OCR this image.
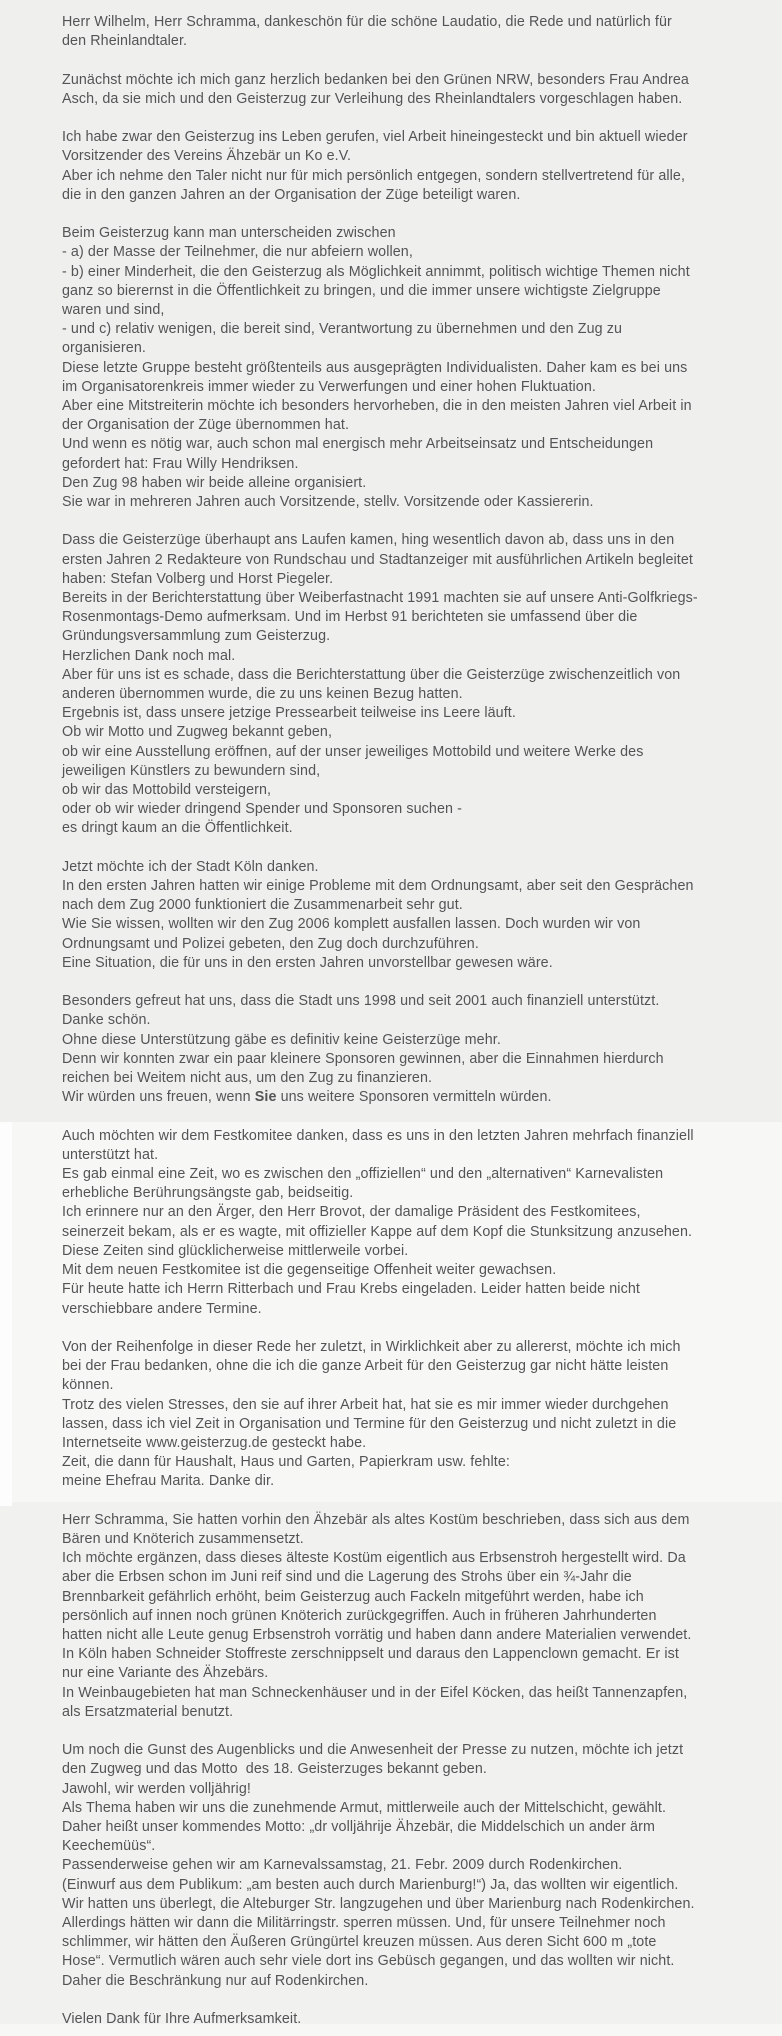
Herr Wilhelm, Herr Schramma, dankeschön für die schöne Laudatio, die Rede und natürlich für
den Rheinlandtaler.

Zunächst möchte ich mich ganz herzlich bedanken bei den Grünen NRW, besonders Frau Andrea
Asch, da sie mich und den Geisterzug zur Verleihung des Rheinlandtalers vorgeschlagen haben.

Ich habe zwar den Geisterzug ins Leben gerufen, viel Arbeit hineingesteckt und bin aktuell wieder
Vorsitzender des Vereins Ähzebär un Ko e.V.
Aber ich nehme den Taler nicht nur für mich persönlich entgegen, sondern stellvertretend für alle,
die in den ganzen Jahren an der Organisation der Züge beteiligt waren.

Beim Geisterzug kann man unterscheiden zwischen
- a) der Masse der Teilnehmer, die nur abfeiern wollen,
- b) einer Minderheit, die den Geisterzug als Möglichkeit annimmt, politisch wichtige Themen nicht
ganz so bierernst in die Öffentlichkeit zu bringen, und die immer unsere wichtigste Zielgruppe
waren und sind,
- und c) relativ wenigen, die bereit sind, Verantwortung zu übernehmen und den Zug zu
organisieren.
Diese letzte Gruppe besteht größtenteils aus ausgeprägten Individualisten. Daher kam es bei uns
im Organisatorenkreis immer wieder zu Verwerfungen und einer hohen Fluktuation.
Aber eine Mitstreiterin möchte ich besonders hervorheben, die in den meisten Jahren viel Arbeit in
der Organisation der Züge übernommen hat.
Und wenn es nötig war, auch schon mal energisch mehr Arbeitseinsatz und Entscheidungen
gefordert hat: Frau Willy Hendriksen.
Den Zug 98 haben wir beide alleine organisiert.
Sie war in mehreren Jahren auch Vorsitzende, stellv. Vorsitzende oder Kassiererin.

Dass die Geisterzüge überhaupt ans Laufen kamen, hing wesentlich davon ab, dass uns in den
ersten Jahren 2 Redakteure von Rundschau und Stadtanzeiger mit ausführlichen Artikeln begleitet
haben: Stefan Volberg und Horst Piegeler.
Bereits in der Berichterstattung über Weiberfastnacht 1991 machten sie auf unsere Anti-Golfkriegs-
Rosenmontags-Demo aufmerksam. Und im Herbst 91 berichteten sie umfassend über die
Gründungsversammlung zum Geisterzug.
Herzlichen Dank noch mal.
Aber für uns ist es schade, dass die Berichterstattung über die Geisterzüge zwischenzeitlich von
anderen übernommen wurde, die zu uns keinen Bezug hatten.
Ergebnis ist, dass unsere jetzige Pressearbeit teilweise ins Leere läuft.
Ob wir Motto und Zugweg bekannt geben,
ob wir eine Ausstellung eröffnen, auf der unser jeweiliges Mottobild und weitere Werke des
jeweiligen Künstlers zu bewundern sind,
ob wir das Mottobild versteigern,
oder ob wir wieder dringend Spender und Sponsoren suchen -
es dringt kaum an die Öffentlichkeit.

Jetzt möchte ich der Stadt Köln danken.
In den ersten Jahren hatten wir einige Probleme mit dem Ordnungsamt, aber seit den Gesprächen
nach dem Zug 2000 funktioniert die Zusammenarbeit sehr gut.
Wie Sie wissen, wollten wir den Zug 2006 komplett ausfallen lassen. Doch wurden wir von
Ordnungsamt und Polizei gebeten, den Zug doch durchzuführen.
Eine Situation, die für uns in den ersten Jahren unvorstellbar gewesen wäre.

Besonders gefreut hat uns, dass die Stadt uns 1998 und seit 2001 auch finanziell unterstützt.
Danke schön.
Ohne diese Unterstützung gäbe es definitiv keine Geisterzüge mehr.
Denn wir konnten zwar ein paar kleinere Sponsoren gewinnen, aber die Einnahmen hierdurch
reichen bei Weitem nicht aus, um den Zug zu finanzieren.
Wir würden uns freuen, wenn Sie uns weitere Sponsoren vermitteln würden.

Auch möchten wir dem Festkomitee danken, dass es uns in den letzten Jahren mehrfach finanziell
unterstützt hat.
Es gab einmal eine Zeit, wo es zwischen den „offiziellen“ und den „alternativen“ Karnevalisten
erhebliche Berührungsängste gab, beidseitig.
Ich erinnere nur an den Ärger, den Herr Brovot, der damalige Präsident des Festkomitees,
seinerzeit bekam, als er es wagte, mit offizieller Kappe auf dem Kopf die Stunksitzung anzusehen.
Diese Zeiten sind glücklicherweise mittlerweile vorbei.
Mit dem neuen Festkomitee ist die gegenseitige Offenheit weiter gewachsen.
Für heute hatte ich Herrn Ritterbach und Frau Krebs eingeladen. Leider hatten beide nicht
verschiebbare andere Termine.

Von der Reihenfolge in dieser Rede her zuletzt, in Wirklichkeit aber zu allererst, möchte ich mich
bei der Frau bedanken, ohne die ich die ganze Arbeit für den Geisterzug gar nicht hätte leisten
können.
Trotz des vielen Stresses, den sie auf ihrer Arbeit hat, hat sie es mir immer wieder durchgehen
lassen, dass ich viel Zeit in Organisation und Termine für den Geisterzug und nicht zuletzt in die
Internetseite www.geisterzug.de gesteckt habe.
Zeit, die dann für Haushalt, Haus und Garten, Papierkram usw. fehlte:
meine Ehefrau Marita. Danke dir.

Herr Schramma, Sie hatten vorhin den Ähzebär als altes Kostüm beschrieben, dass sich aus dem
Bären und Knöterich zusammensetzt.
Ich möchte ergänzen, dass dieses älteste Kostüm eigentlich aus Erbsenstroh hergestellt wird. Da
aber die Erbsen schon im Juni reif sind und die Lagerung des Strohs über ein ¾-Jahr die
Brennbarkeit gefährlich erhöht, beim Geisterzug auch Fackeln mitgeführt werden, habe ich
persönlich auf innen noch grünen Knöterich zurückgegriffen. Auch in früheren Jahrhunderten
hatten nicht alle Leute genug Erbsenstroh vorrätig und haben dann andere Materialien verwendet.
In Köln haben Schneider Stoffreste zerschnippselt und daraus den Lappenclown gemacht. Er ist
nur eine Variante des Ähzebärs.
In Weinbaugebieten hat man Schneckenhäuser und in der Eifel Köcken, das heißt Tannenzapfen,
als Ersatzmaterial benutzt.

Um noch die Gunst des Augenblicks und die Anwesenheit der Presse zu nutzen, möchte ich jetzt
den Zugweg und das Motto  des 18. Geisterzuges bekannt geben.
Jawohl, wir werden volljährig!
Als Thema haben wir uns die zunehmende Armut, mittlerweile auch der Mittelschicht, gewählt.
Daher heißt unser kommendes Motto: „dr volljährije Ähzebär, die Middelschich un ander ärm
Keechemüüs“.
Passenderweise gehen wir am Karnevalssamstag, 21. Febr. 2009 durch Rodenkirchen.
(Einwurf aus dem Publikum: „am besten auch durch Marienburg!“) Ja, das wollten wir eigentlich.
Wir hatten uns überlegt, die Alteburger Str. langzugehen und über Marienburg nach Rodenkirchen.
Allerdings hätten wir dann die Militärringstr. sperren müssen. Und, für unsere Teilnehmer noch
schlimmer, wir hätten den Äußeren Grüngürtel kreuzen müssen. Aus deren Sicht 600 m „tote
Hose“. Vermutlich wären auch sehr viele dort ins Gebüsch gegangen, und das wollten wir nicht.
Daher die Beschränkung nur auf Rodenkirchen.

Vielen Dank für Ihre Aufmerksamkeit.
